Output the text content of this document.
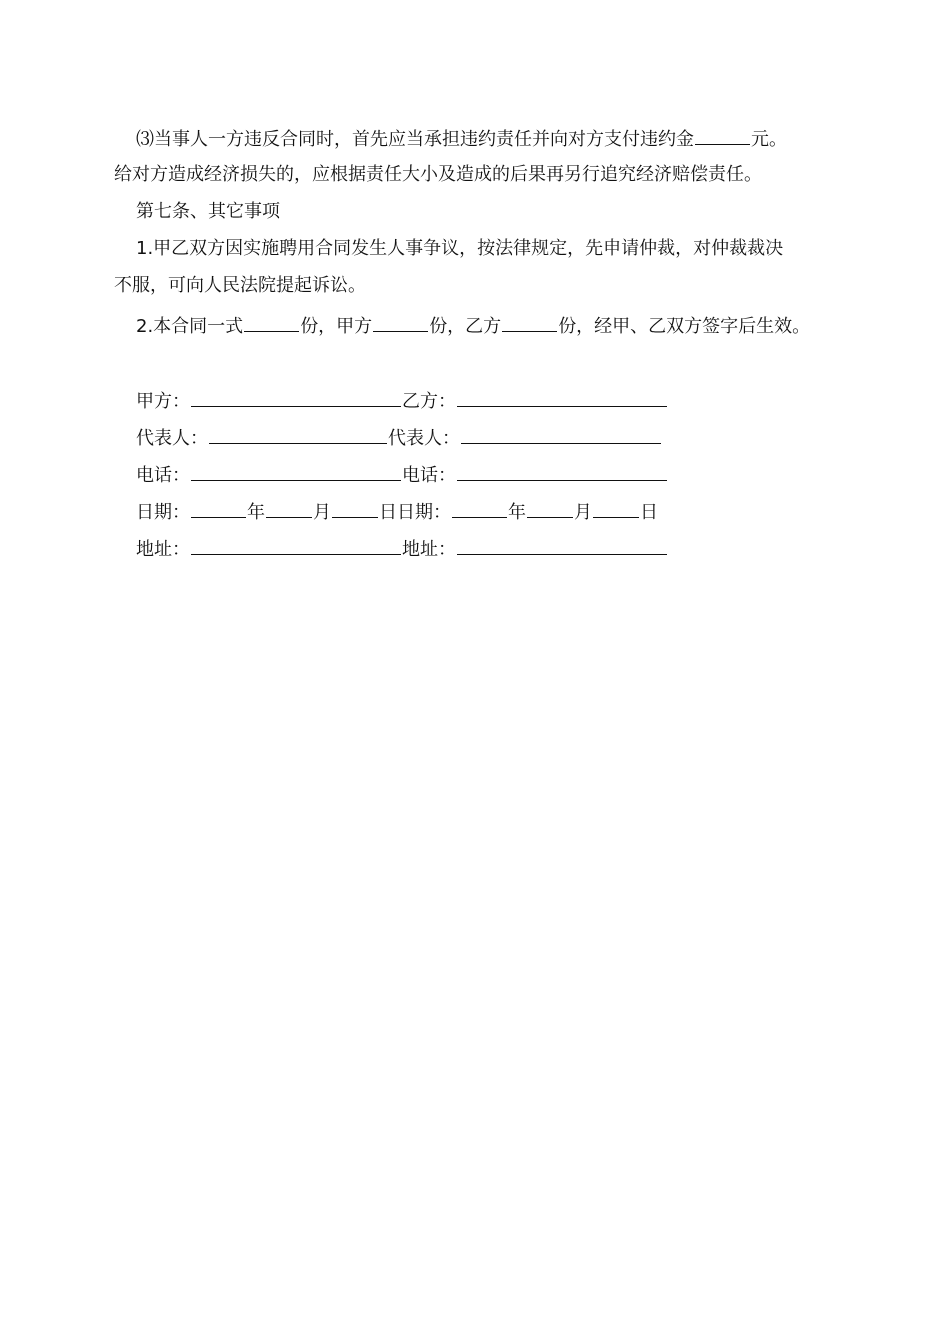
⑶当事人一方违反合同时，首先应当承担违约责任并向对方支付违约金	元。
给对方造成经济损失的，应根据责任大小及造成的后果再另行追究经济赔偿责任。
第七条、其它事项
1.甲乙双方因实施聘用合同发生人事争议，按法律规定，先申请仲裁，对仲裁裁决
不服，可向人民法院提起诉讼。
2.本合同一式	份，甲方	份，乙方	份，经甲、乙双方签字后生效。
甲方：	乙方：
代表人：	代表人：
电话：	电话：
日期：	年	月	日日期：	年	月	日
地址：	地址：
